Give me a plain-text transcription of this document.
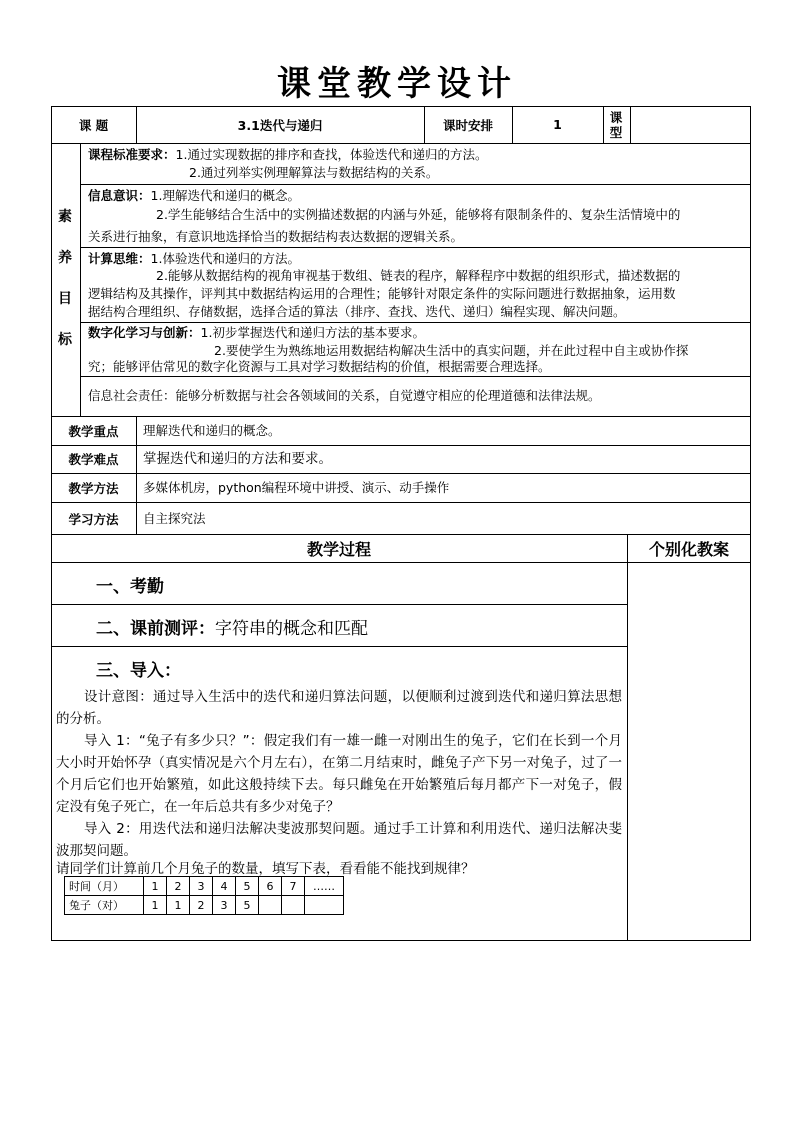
课堂教学设计
课 题	3.1迭代与递归	课时安排	1	课型
素
养
目
标
课程标准要求：1.通过实现数据的排序和查找，体验迭代和递归的方法。
2.通过列举实例理解算法与数据结构的关系。
信息意识：1.理解迭代和递归的概念。
2.学生能够结合生活中的实例描述数据的内涵与外延，能够将有限制条件的、复杂生活情境中的
关系进行抽象，有意识地选择恰当的数据结构表达数据的逻辑关系。
计算思维：1.体验迭代和递归的方法。
2.能够从数据结构的视角审视基于数组、链表的程序，解释程序中数据的组织形式，描述数据的
逻辑结构及其操作，评判其中数据结构运用的合理性；能够针对限定条件的实际问题进行数据抽象，运用数
据结构合理组织、存储数据，选择合适的算法（排序、查找、迭代、递归）编程实现、解决问题。
数字化学习与创新：1.初步掌握迭代和递归方法的基本要求。
2.要使学生为熟练地运用数据结构解决生活中的真实问题，并在此过程中自主或协作探
究；能够评估常见的数字化资源与工具对学习数据结构的价值，根据需要合理选择。
信息社会责任：能够分析数据与社会各领域间的关系，自觉遵守相应的伦理道德和法律法规。
教学重点	理解迭代和递归的概念。
教学难点	掌握迭代和递归的方法和要求。
教学方法	多媒体机房，python编程环境中讲授、演示、动手操作
学习方法	自主探究法
教学过程	个别化教案
一、考勤
二、课前测评：字符串的概念和匹配
三、导入：
设计意图：通过导入生活中的迭代和递归算法问题，以便顺利过渡到迭代和递归算法思想的分析。
导入 1：“兔子有多少只？”：假定我们有一雄一雌一对刚出生的兔子，它们在长到一个月大小时开始怀孕（真实情况是六个月左右），在第二月结束时，雌兔子产下另一对兔子，过了一个月后它们也开始繁殖，如此这般持续下去。每只雌兔在开始繁殖后每月都产下一对兔子，假定没有兔子死亡，在一年后总共有多少对兔子？
导入 2：用迭代法和递归法解决斐波那契问题。通过手工计算和利用迭代、递归法解决斐波那契问题。
请同学们计算前几个月兔子的数量，填写下表，看看能不能找到规律？
时间（月）	1	2	3	4	5	6	7	……
兔子（对）	1	1	2	3	5			
